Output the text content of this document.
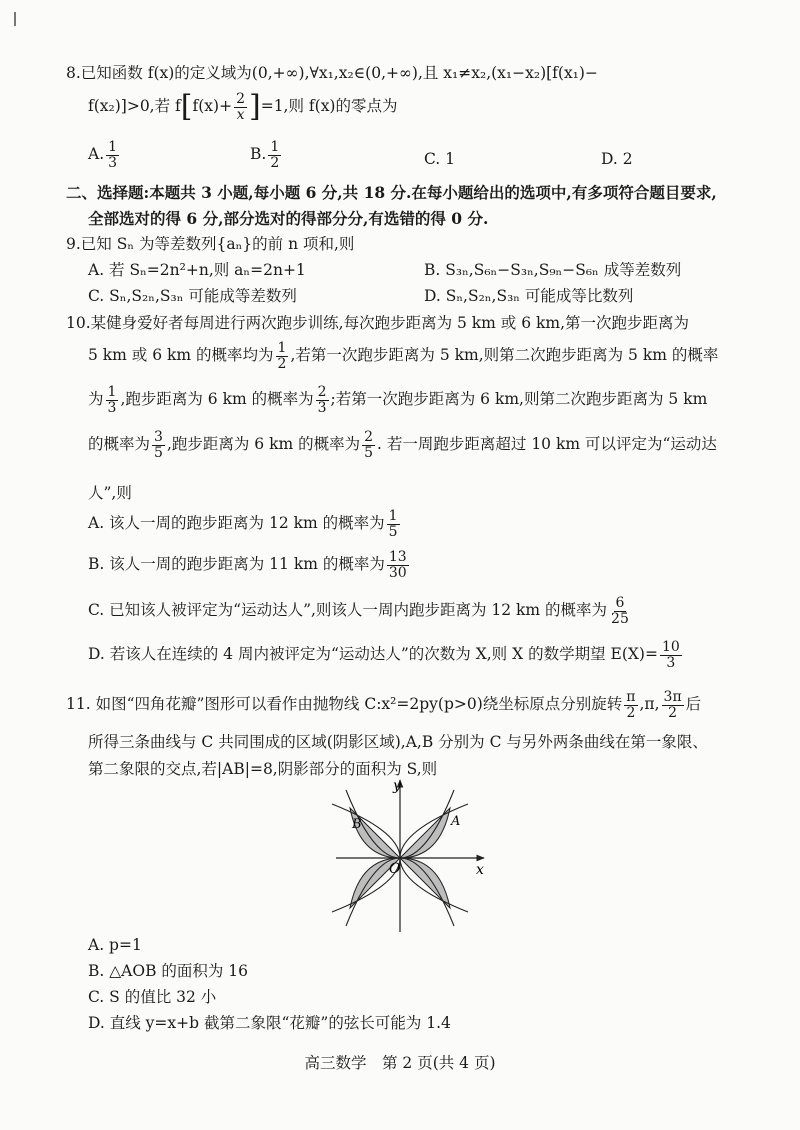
8.已知函数 f(x)的定义域为(0,+∞),∀x₁,x₂∈(0,+∞),且 x₁≠x₂,(x₁−x₂)[f(x₁)−
f(x₂)]>0,若 $f[f(x)+ \frac{2}{x} ]=1$,则 f(x)的零点为
A. $\frac{1}{3}$	B. $\frac{1}{2}$	C. 1	D. 2
二、选择题:本题共 3 小题,每小题 6 分,共 18 分.在每小题给出的选项中,有多项符合题目要求,
全部选对的得 6 分,部分选对的得部分分,有选错的得 0 分.
9.已知 Sₙ 为等差数列{aₙ}的前 n 项和,则
A. 若 Sₙ=2n²+n,则 aₙ=2n+1	B. S₃ₙ,S₆ₙ−S₃ₙ,S₉ₙ−S₆ₙ 成等差数列
C. Sₙ,S₂ₙ,S₃ₙ 可能成等差数列	D. Sₙ,S₂ₙ,S₃ₙ 可能成等比数列
10.某健身爱好者每周进行两次跑步训练,每次跑步距离为 5 km 或 6 km,第一次跑步距离为
5 km 或 6 km 的概率均为 $\frac{1}{2}$ ,若第一次跑步距离为 5 km,则第二次跑步距离为 5 km 的概率
为 $\frac{1}{3}$ ,跑步距离为 6 km 的概率为 $\frac{2}{3}$ ;若第一次跑步距离为 6 km,则第二次跑步距离为 5 km
的概率为 $\frac{3}{5}$ ,跑步距离为 6 km 的概率为 $\frac{2}{5}$ . 若一周跑步距离超过 10 km 可以评定为“运动达
人”,则
A. 该人一周的跑步距离为 12 km 的概率为 $\frac{1}{5}$
B. 该人一周的跑步距离为 11 km 的概率为 $\frac{13}{30}$
C. 已知该人被评定为“运动达人”,则该人一周内跑步距离为 12 km 的概率为 $\frac{6}{25}$
D. 若该人在连续的 4 周内被评定为“运动达人”的次数为 X,则 X 的数学期望 $E(X)= \frac{10}{3}$
11. 如图“四角花瓣”图形可以看作由抛物线 C:x²=2py(p>0)绕坐标原点分别旋转 $\frac{\pi}{2} ,\pi$, $\frac{3\pi}{2}$ 后
所得三条曲线与 C 共同围成的区域(阴影区域),A,B 分别为 C 与另外两条曲线在第一象限、
第二象限的交点,若|AB|=8,阴影部分的面积为 S,则
y
x
O
A
B
A. p=1
B. △AOB 的面积为 16
C. S 的值比 32 小
D. 直线 y=x+b 截第二象限“花瓣”的弦长可能为 1.4
高三数学　第 2 页(共 4 页)
